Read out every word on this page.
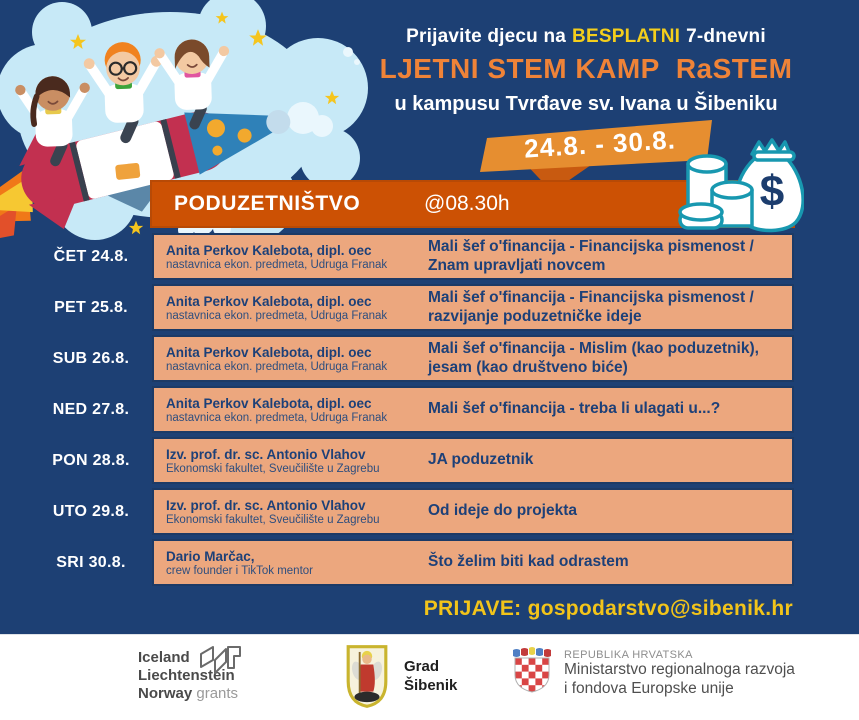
Prijavite djecu na BESPLATNI 7-dnevni
LJETNI STEM KAMP RaSTEM
u kampusu Tvrđave sv. Ivana u Šibeniku
24.8. - 30.8.
$
PODUZETNIŠTVO	@08.30h
ČET 24.8.	Anita Perkov Kalebota, dipl. oec
nastavnica ekon. predmeta, Udruga Franak
Mali šef o'financija - Financijska pismenost / Znam upravljati novcem
PET 25.8.	Anita Perkov Kalebota, dipl. oec
nastavnica ekon. predmeta, Udruga Franak
Mali šef o'financija - Financijska pismenost / razvijanje poduzetničke ideje
SUB 26.8.	Anita Perkov Kalebota, dipl. oec
nastavnica ekon. predmeta, Udruga Franak
Mali šef o'financija - Mislim (kao poduzetnik), jesam (kao društveno biće)
NED 27.8.	Anita Perkov Kalebota, dipl. oec
nastavnica ekon. predmeta, Udruga Franak
Mali šef o'financija - treba li ulagati u...?
PON 28.8.	Izv. prof. dr. sc. Antonio Vlahov
Ekonomski fakultet, Sveučilište u Zagrebu
JA poduzetnik
UTO 29.8.	Izv. prof. dr. sc. Antonio Vlahov
Ekonomski fakultet, Sveučilište u Zagrebu
Od ideje do projekta
SRI 30.8.	Dario Marčac,
crew founder i TikTok mentor
Što želim biti kad odrastem
PRIJAVE: gospodarstvo@sibenik.hr
Iceland
Liechtenstein
Norway grants
Grad
Šibenik
REPUBLIKA HRVATSKA
Ministarstvo regionalnoga razvoja
i fondova Europske unije
